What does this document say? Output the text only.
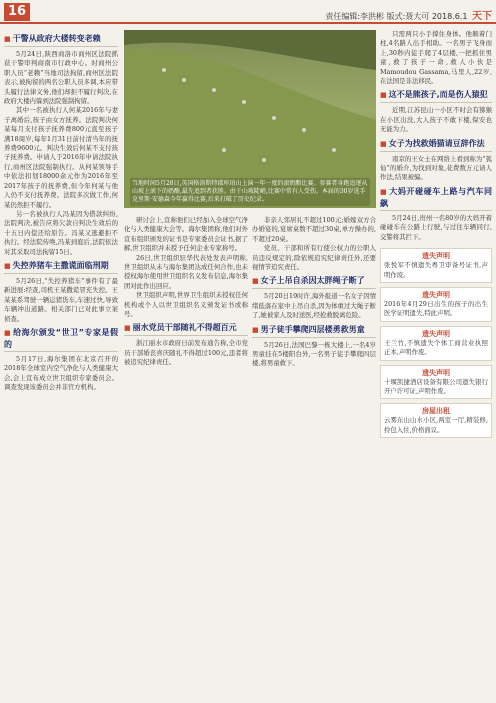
16	责任编辑:李洪彬 版式:聂大可 2018.6.1 天下
■ 干警从政府大楼转变老赖
5月24日,陕西商洛市商州区法院抓获干警审判商南市行政中心。时商州公职人员“老赖”当地司法拘留,商州区法院表示,被拘留的两名公职人员多调,本应带头履行法律义务,他们却拒不履行判决,在政府大楼内躲到法院强制拘留。
其中一名被执行人何某2016年与妻子离婚后,孩子由女方抚养。法院判决何某每月支付孩子抚养费800元直至孩子满18周岁,每年1月31日前付清当年的抚养费9600元。判决生效后何某不支付孩子抚养费。申请人于2016年申请法院执行,商州区法院强制执行。从何某领导手中依法扣划18000余元作为2016年至2017年孩子的抚养费,但今年何某与他人仍不支付抚养费。法院多次做工作,何某仍然拒不履行。
另一名被执行人冯某因为借款纠纷,法院判决,被告应将欠款自判决生效后的十五日内偿还给原告。冯某又逃避拒不执行。经法院传唤,冯某到庭后,法院依法对其采取司法拘留15日。
■ 失控养猪车主撒谎面临刑期
5月26日,“失控养猪车”事件有了最新进展:经查,司机王某撒谎冒充失控。王某某系驾驶一辆运猪货车,车速过快,导致车辆冲出道路。相关部门已对此事立案侦查。
■ 给海尔颁发“世卫”专家是假的
5月17日,海尔集团在北京召开的2018年全球室内空气净化与人类健康大会,会上宣布成立世卫组织专家委员会。调查发现该委员会并非官方机构。
当地时间5月28日,英国格洛斯特郡库珀山上演一年一度的滚奶酪比赛。参赛者身跑追逐从山坡上滚下的奶酪,最先追到者获胜。由于山坡陡峭,比赛中常有人受伤。本届的30岁选手克里斯·安德森今年赢得比赛,后来打破了历史纪录。
研讨会上,宣称他们已经加入全球空气净化与人类健康大会等。海尔集团称,他们对外宣布组织颁发的证书是专家委员会证书,据了解,世卫组织并未授予任何企业专家称号。
26日,世卫组织驻华代表处发表声明称,世卫组织从未与海尔集团达成任何合作,也未授权海尔使用世卫组织名义发布信息,海尔集团对此作出回应。
世卫组织声明,世界卫生组织未授权任何机构或个人以世卫组织名义颁发证书或称号。
■ 丽水党员干部随礼不得超百元
浙江丽水市政府日前发布通告称,全市党员干部婚丧喜庆随礼不得超过100元,违者将被追究纪律责任。
非亲人邻居礼不超过100元;婚嫁双方合办婚宴的,宴席桌数不超过30桌,单方操办的,不超过20桌。
党员、干部和所有行使公权力的公职人员违反规定的,除依规追究纪律责任外,还要视情节追究责任。
■ 女子上吊自杀因太胖绳子断了
5月20日19时许,海外报道一名女子因情绪低落在家中上吊自杀,因为体重过大绳子断了,她被家人及时送医,经抢救脱离危险。
■ 男子徒手攀爬四层楼勇救男童
5月26日,法国巴黎一栋大楼上,一名4岁男童挂在5楼阳台外,一名男子徒手攀爬四层楼,将男童救下。
只需两只小手撑住身体。他顺着门柱,4名路人出手相助。一名男子飞身而上,30秒内徒手爬了4层楼,一把抓住男童,救了孩子一命,救人小伙是Mamoudou Gassama,马里人,22岁,在法国是非法移民。
■ 这不是熊孩子,而是伤人猿犯
近期,江苏昆山一小区不时会有猕猴在小区出没,大人孩子不敢下楼,保安也无能为力。
■ 女子为找救婚猫请豆辞作法
南京的王女士在网络上看到称为“狐仙”的婚介,为找到对象,花费数万元请人作法,结果被骗。
■ 大妈开碰碰车上路与汽车同飙
5月24日,贵州一名80岁的大妈开着碰碰车在公路上行驶,与过往车辆同行,交警将其拦下。
遗失声明
张悦军不慎遗失粤卫审备号证书,声明作废。
遗失声明
2016年4月29日出生的孩子的出生医学证明遗失,特此声明。
遗失声明
王兰竹,不慎遗失个体工商营业执照正本,声明作废。
遗失声明
十堰凯捷酒店设备有限公司遗失银行开户许可证,声明作废。
房屋出租
云雾东山山水小区,两室一厅,精装修,拎包入住,价格面议。
